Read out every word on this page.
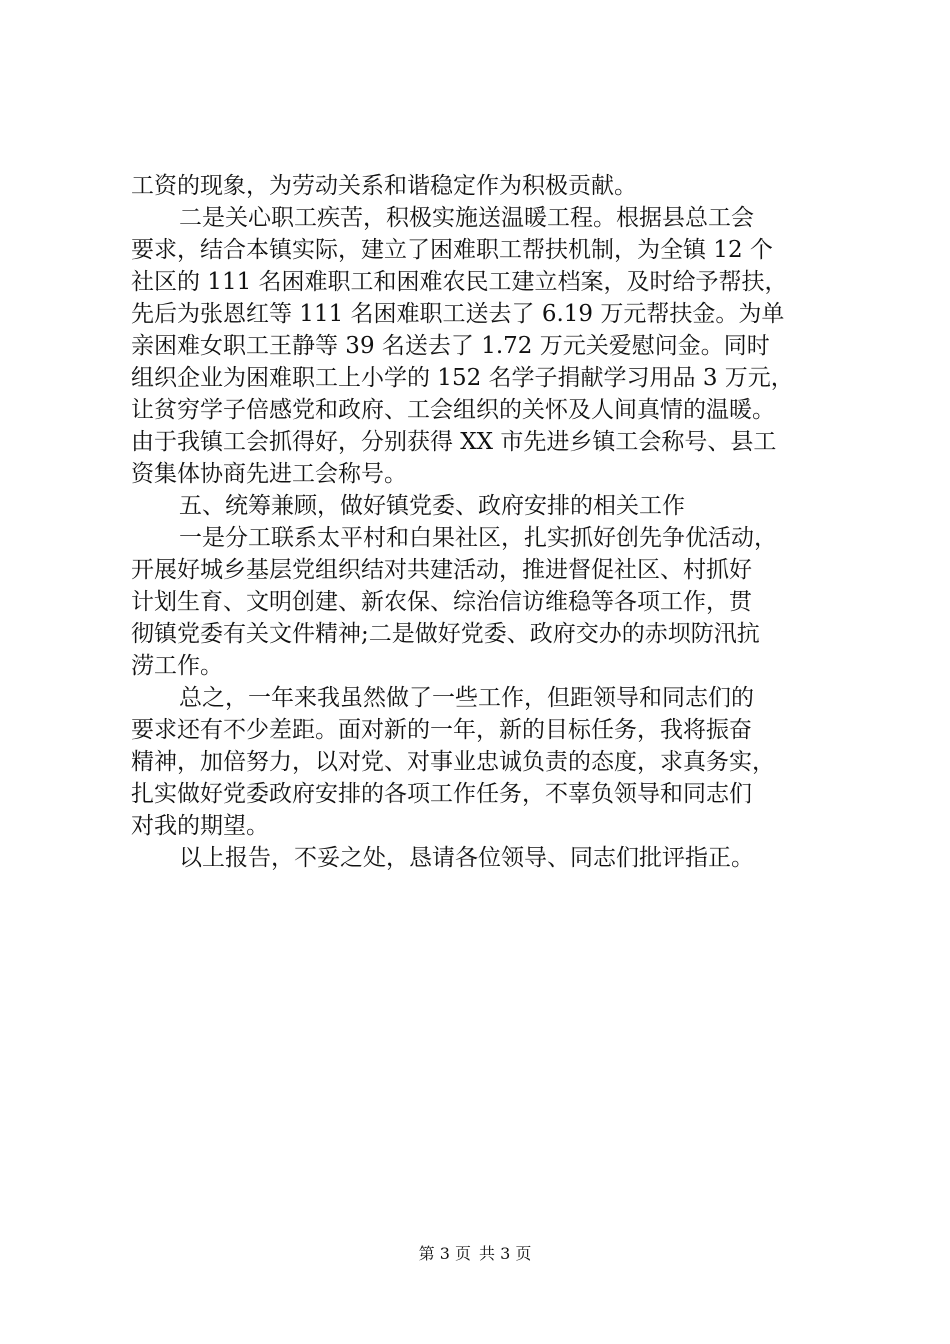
工资的现象，为劳动关系和谐稳定作为积极贡献。
二是关心职工疾苦，积极实施送温暖工程。根据县总工会
要求，结合本镇实际，建立了困难职工帮扶机制，为全镇 12 个
社区的 111 名困难职工和困难农民工建立档案，及时给予帮扶，
先后为张恩红等 111 名困难职工送去了 6.19 万元帮扶金。为单
亲困难女职工王静等 39 名送去了 1.72 万元关爱慰问金。同时
组织企业为困难职工上小学的 152 名学子捐献学习用品 3 万元，
让贫穷学子倍感党和政府、工会组织的关怀及人间真情的温暖。
由于我镇工会抓得好，分别获得 XX 市先进乡镇工会称号、县工
资集体协商先进工会称号。
五、统筹兼顾，做好镇党委、政府安排的相关工作
一是分工联系太平村和白果社区，扎实抓好创先争优活动，
开展好城乡基层党组织结对共建活动，推进督促社区、村抓好
计划生育、文明创建、新农保、综治信访维稳等各项工作，贯
彻镇党委有关文件精神;二是做好党委、政府交办的赤坝防汛抗
涝工作。
总之，一年来我虽然做了一些工作，但距领导和同志们的
要求还有不少差距。面对新的一年，新的目标任务，我将振奋
精神，加倍努力，以对党、对事业忠诚负责的态度，求真务实，
扎实做好党委政府安排的各项工作任务，不辜负领导和同志们
对我的期望。
以上报告，不妥之处，恳请各位领导、同志们批评指正。
第 3 页 共 3 页
